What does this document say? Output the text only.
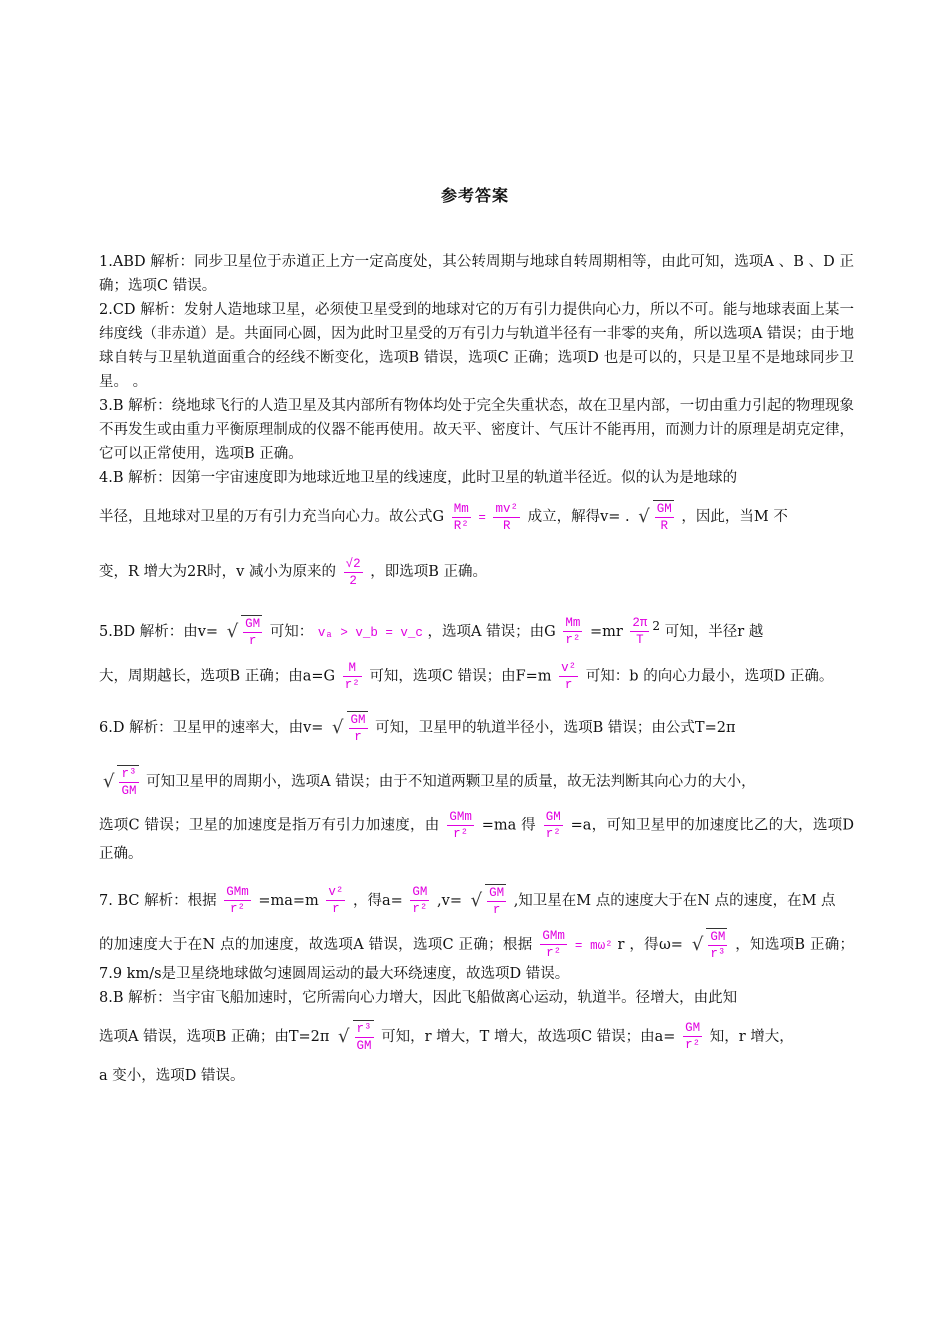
参考答案

1.ABD 解析：同步卫星位于赤道正上方一定高度处，其公转周期与地球自转周期相等，由此可知，选项A 、B 、D 正确；选项C 错误。

2.CD 解析：发射人造地球卫星，必须使卫星受到的地球对它的万有引力提供向心力，所以不可。能与地球表面上某一纬度线（非赤道）是。共面同心圆，因为此时卫星受的万有引力与轨道半径有一非零的夹角，所以选项A 错误；由于地球自转与卫星轨道面重合的经线不断变化，选项B 错误，选项C 正确；选项D 也是可以的，只是卫星不是地球同步卫星。 。

3.B 解析：绕地球飞行的人造卫星及其内部所有物体均处于完全失重状态，故在卫星内部，一切由重力引起的物理现象不再发生或由重力平衡原理制成的仪器不能再使用。故天平、密度计、气压计不能再用，而测力计的原理是胡克定律，它可以正常使用，选项B 正确。

4.B 解析：因第一宇宙速度即为地球近地卫星的线速度，此时卫星的轨道半径近。似的认为是地球的

半径，且地球对卫星的万有引力充当向心力。故公式G $\frac{Mm}{\text{R²}} = \frac{\text{mv²}}{R}$ 成立，解得v= . √ $\frac{GM}{R}$ ，因此，当M 不

变，R 增大为2R时，v 减小为原来的 $\frac{√2}{2}$ ，即选项B 正确。

5.BD 解析：由v= √ $\frac{GM}{r}$ 可知： vₐ > v_b = v_c ，选项A 错误；由G $\frac{Mm}{\text{r²}} =mr \frac{2\pi}{T} ^2$ 可知，半径r 越

大，周期越长，选项B 正确；由$a=G \frac{M}{\text{r²}}$ 可知，选项C 错误；由$F=m \frac{\text{v²}}{r}$ 可知：b 的向心力最小，选项D 正确。

6.D 解析：卫星甲的速率大，由v= √ $\frac{GM}{r}$ 可知，卫星甲的轨道半径小，选项B 错误；由公式T=2π

√ $\frac{\text{r³}}{GM}$ 可知卫星甲的周期小，选项A 错误；由于不知道两颗卫星的质量，故无法判断其向心力的大小，

选项C 错误；卫星的加速度是指万有引力加速度，由 $\frac{\text{GMm}}{\text{r²}} =ma$ 得 $\frac{GM}{\text{r²}} =a$，可知卫星甲的加速度比乙的大，选项D 正确。

7. BC 解析：根据 $\frac{\text{GMm}}{\text{r²}} =ma=m \frac{\text{v²}}{r}$ ，得$a= \frac{GM}{\text{r²}} ,v=$ √ $\frac{GM}{r}$ ,知卫星在M 点的速度大于在N 点的速度，在M 点

的加速度大于在N 点的加速度，故选项A 错误，选项C 正确；根据 $\frac{\text{GMm}}{\text{r²}} = m\omega^2$ r ，得ω= √ $\frac{GM}{\text{r³}}$ ，知选项B 正确；7.9 km/s是卫星绕地球做匀速圆周运动的最大环绕速度，故选项D 错误。

8.B 解析：当宇宙飞船加速时，它所需向心力增大，因此飞船做离心运动，轨道半。径增大，由此知

选项A 错误，选项B 正确；由T=2π √ $\frac{\text{r³}}{GM}$ 可知，r 增大，T 增大，故选项C 错误；由$a= \frac{GM}{\text{r²}}$ 知，r 增大，

a 变小，选项D 错误。
